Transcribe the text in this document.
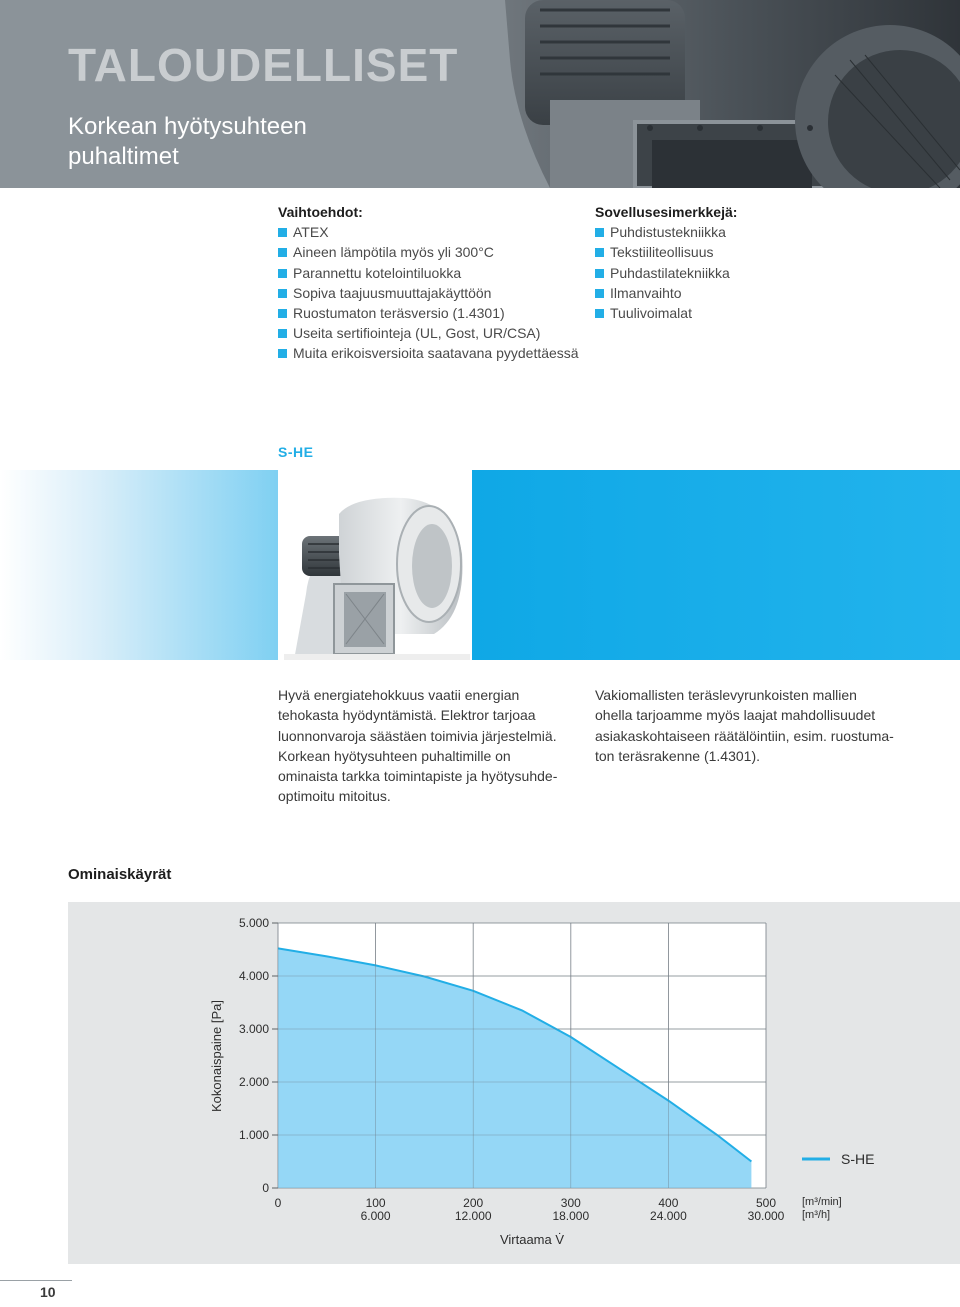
TALOUDELLISET
Korkean hyötysuhteen
puhaltimet
Vaihtoehdot:
ATEX
Aineen lämpötila myös yli 300°C
Parannettu kotelointiluokka
Sopiva taajuusmuuttajakäyttöön
Ruostumaton teräsversio (1.4301)
Useita sertifiointeja (UL, Gost, UR/CSA)
Muita erikoisversioita saatavana pyydettäessä
Sovellusesimerkkejä:
Puhdistustekniikka
Tekstiiliteollisuus
Puhdastilatekniikka
Ilmanvaihto
Tuulivoimalat
S-HE
Hyvä energiatehokkuus vaatii energian
tehokasta hyödyntämistä. Elektror tarjoaa
luonnonvaroja säästäen toimivia järjestelmiä.
Korkean hyötysuhteen puhaltimille on
ominaista tarkka toimintapiste ja hyötysuhde-
optimoitu mitoitus.
Vakiomallisten teräslevyrunkoisten mallien
ohella tarjoamme myös laajat mahdollisuudet
asiakaskohtaiseen räätälöintiin, esim. ruostuma-
ton teräsrakenne (1.4301).
Ominaiskäyrät
0	100
6.000
200
12.000
300
18.000
400
24.000
500
30.000
0
1.000
2.000
3.000
4.000
5.000
Kokonaispaine [Pa]
Virtaama V̇
[m³/min]
[m³/h]
S-HE
10
